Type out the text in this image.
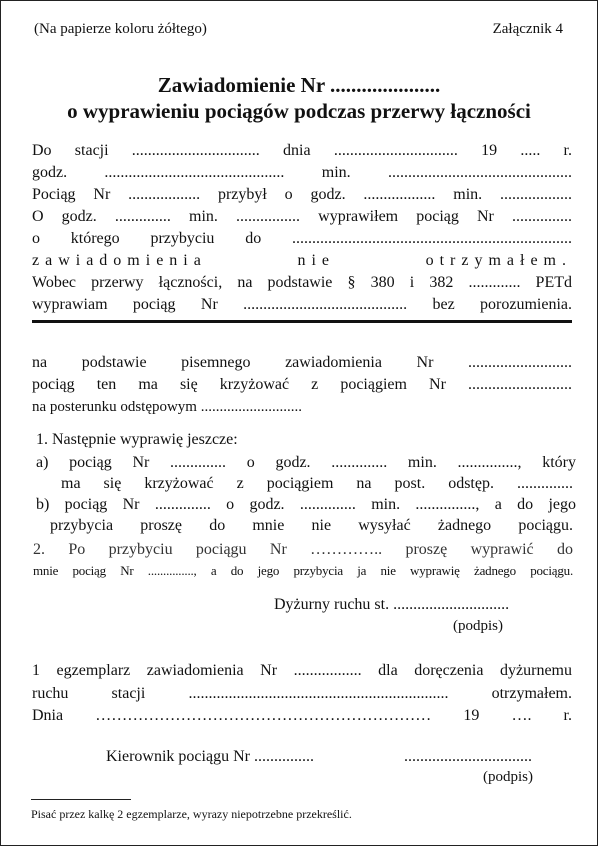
(Na papierze koloru żółtego)	Załącznik 4
Zawiadomienie Nr .....................
o wyprawieniu pociągów podczas przerwy łączności
Do stacji ................................ dnia ............................... 19 ..... r.
godz. ............................................. min. ..............................................
Pociąg Nr .................. przybył o godz. .................. min. ..................
O godz. .............. min. ................ wyprawiłem pociąg Nr ...............
o którego przybyciu do ......................................................................
zawiadomienia nie otrzymałem.
Wobec przerwy łączności, na podstawie § 380 i 382 ............. PETd
wyprawiam pociąg Nr ......................................... bez porozumienia.
na podstawie pisemnego zawiadomienia Nr ..........................
pociąg ten ma się krzyżować z pociągiem Nr ..........................
na posterunku odstępowym ...........................
1. Następnie wyprawię jeszcze:
a) pociąg Nr .............. o godz. .............. min. ..............., który
ma się krzyżować z pociągiem na post. odstęp. ..............
b) pociąg Nr .............. o godz. .............. min. ..............., a do jego
przybycia proszę do mnie nie wysyłać żadnego pociągu.
2. Po przybyciu pociągu Nr ………….. proszę wyprawić do
mnie pociąg Nr ..............., a do jego przybycia ja nie wyprawię żadnego pociągu.
Dyżurny ruchu st. .............................
(podpis)
1 egzemplarz zawiadomienia Nr ................. dla doręczenia dyżurnemu
ruchu stacji ................................................................. otrzymałem.
Dnia ……………………………………………………… 19 …. r.
Kierownik pociągu Nr ...............	................................
(podpis)
Pisać przez kalkę 2 egzemplarze, wyrazy niepotrzebne przekreślić.
